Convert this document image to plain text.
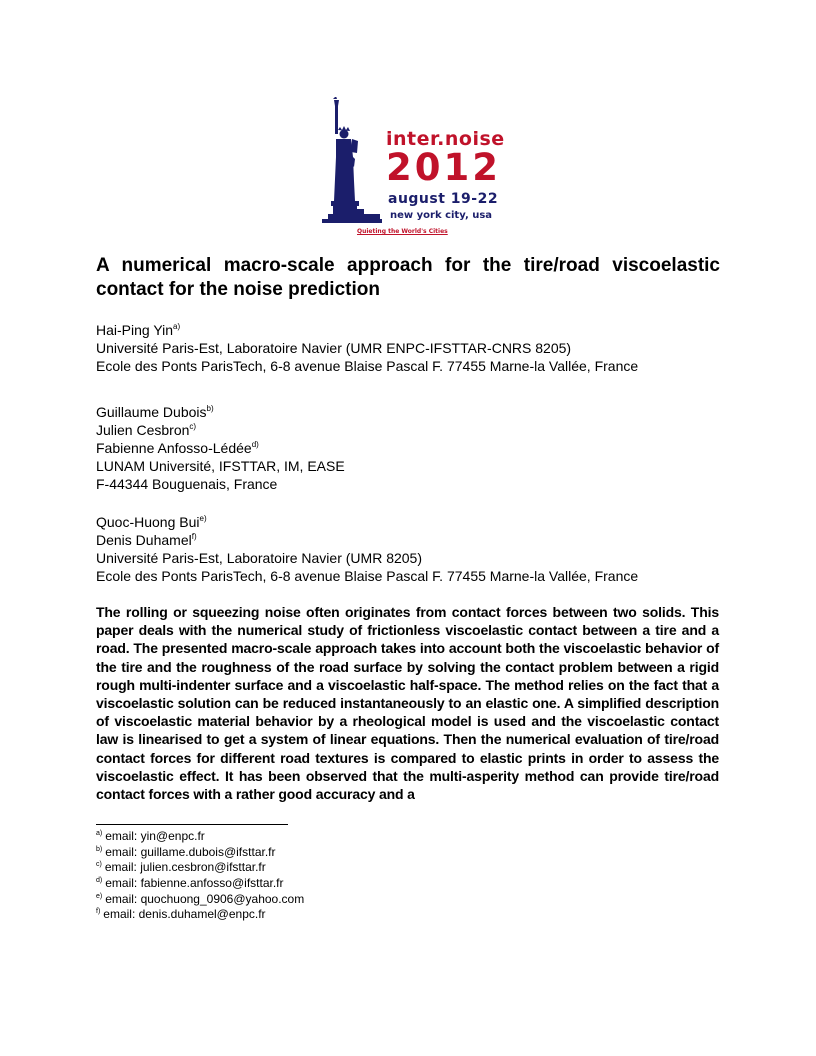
inter.noise
2012
august 19-22
new york city, usa
Quieting the World's Cities
A numerical macro-scale approach for the tire/road viscoelastic contact for the noise prediction
Hai-Ping Yin$^{a)}$
Université Paris-Est, Laboratoire Navier (UMR ENPC-IFSTTAR-CNRS 8205)
Ecole des Ponts ParisTech, 6-8 avenue Blaise Pascal F. 77455 Marne-la Vallée, France
Guillaume Dubois$^{b)}$
Julien Cesbron$^{c)}$
Fabienne Anfosso-Lédée$^{d)}$
LUNAM Université, IFSTTAR, IM, EASE
F-44344 Bouguenais, France
Quoc-Huong Bui$^{e)}$
Denis Duhamel$^{f)}$
Université Paris-Est, Laboratoire Navier (UMR 8205)
Ecole des Ponts ParisTech, 6-8 avenue Blaise Pascal F. 77455 Marne-la Vallée, France

The rolling or squeezing noise often originates from contact forces between two solids. This paper deals with the numerical study of frictionless viscoelastic contact between a tire and a road. The presented macro-scale approach takes into account both the viscoelastic behavior of the tire and the roughness of the road surface by solving the contact problem between a rigid rough multi-indenter surface and a viscoelastic half-space. The method relies on the fact that a viscoelastic solution can be reduced instantaneously to an elastic one. A simplified description of viscoelastic material behavior by a rheological model is used and the viscoelastic contact law is linearised to get a system of linear equations. Then the numerical evaluation of tire/road contact forces for different road textures is compared to elastic prints in order to assess the viscoelastic effect. It has been observed that the multi-asperity method can provide tire/road contact forces with a rather good accuracy and a

$^{a)}$ email: yin@enpc.fr
$^{b)}$ email: guillame.dubois@ifsttar.fr
$^{c)}$ email: julien.cesbron@ifsttar.fr
$^{d)}$ email: fabienne.anfosso@ifsttar.fr
$^{e)}$ email: quochuong_0906@yahoo.com
$^{f)}$ email: denis.duhamel@enpc.fr
